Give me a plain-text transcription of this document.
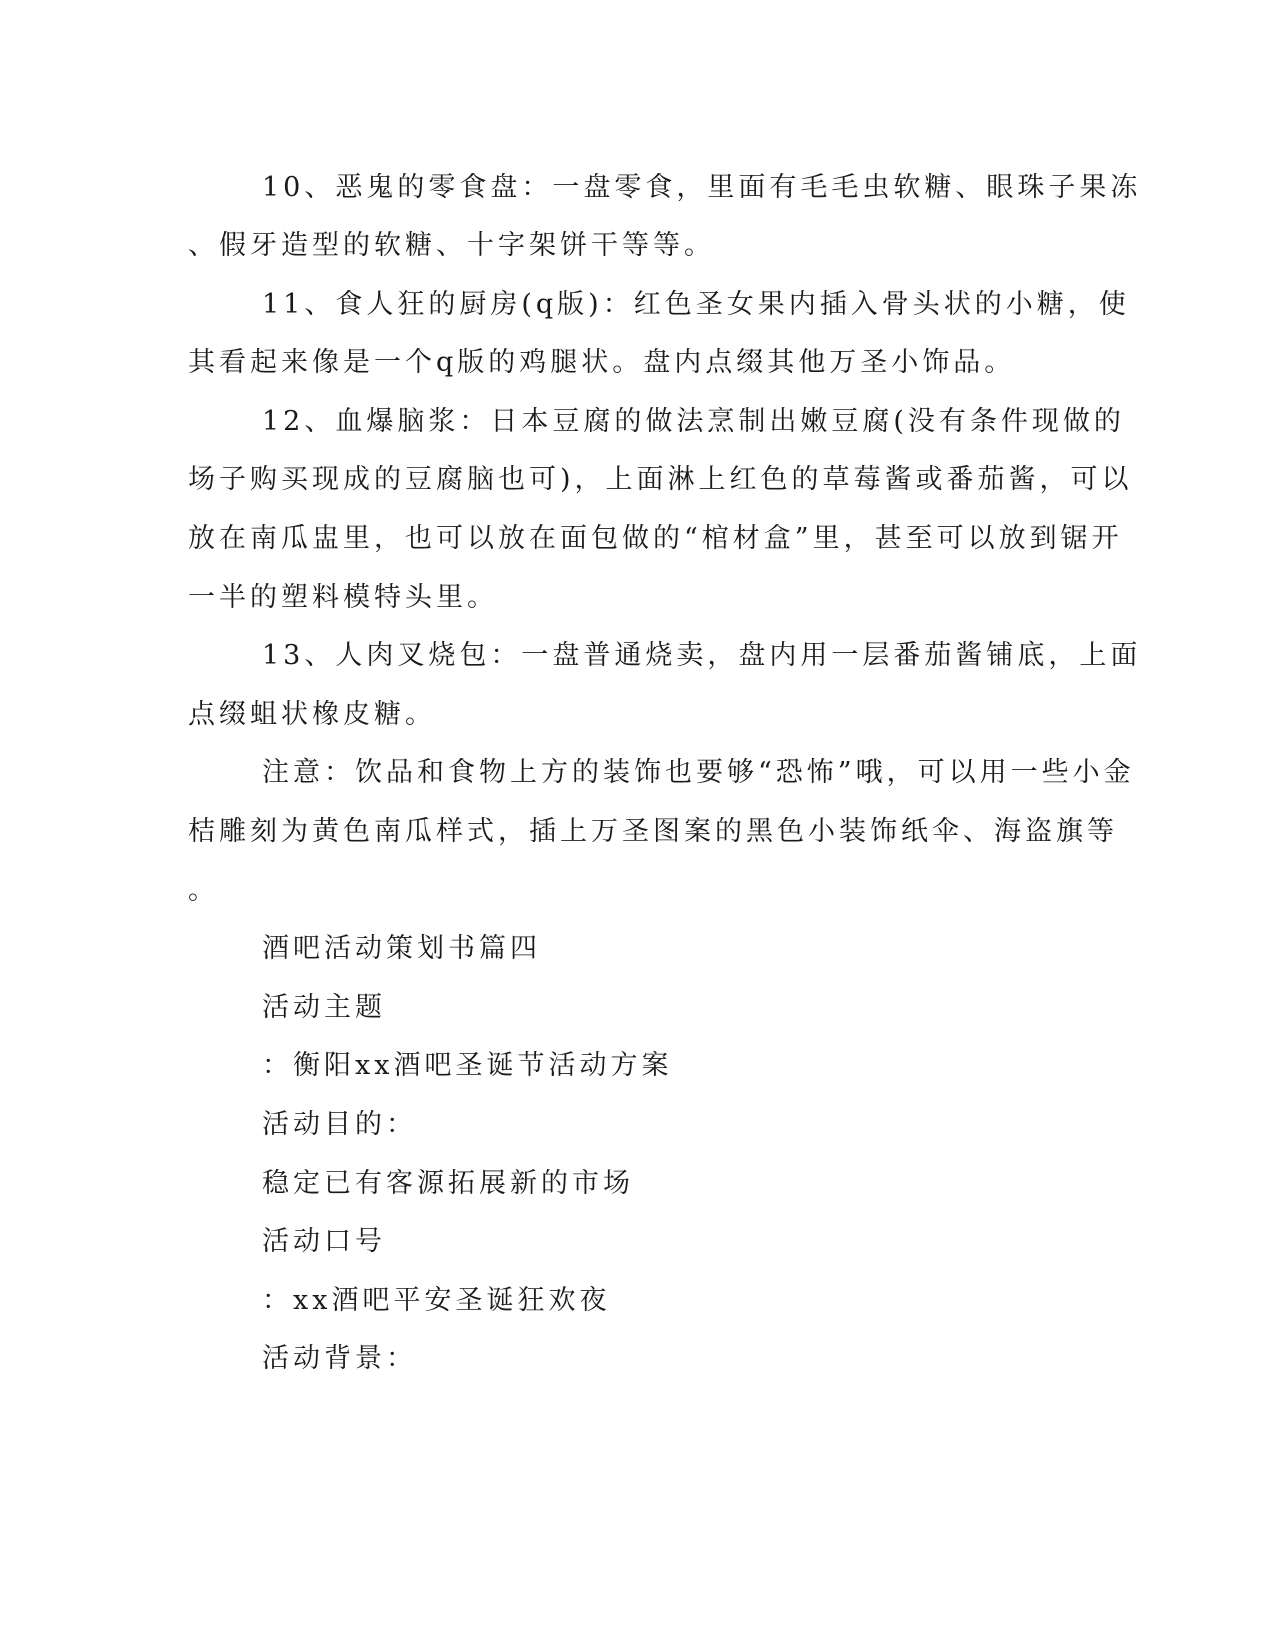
10、恶鬼的零食盘：一盘零食，里面有毛毛虫软糖、眼珠子果冻
、假牙造型的软糖、十字架饼干等等。
11、食人狂的厨房(q版)：红色圣女果内插入骨头状的小糖，使
其看起来像是一个q版的鸡腿状。盘内点缀其他万圣小饰品。
12、血爆脑浆：日本豆腐的做法烹制出嫩豆腐(没有条件现做的
场子购买现成的豆腐脑也可)，上面淋上红色的草莓酱或番茄酱，可以
放在南瓜盅里，也可以放在面包做的“棺材盒”里，甚至可以放到锯开
一半的塑料模特头里。
13、人肉叉烧包：一盘普通烧卖，盘内用一层番茄酱铺底，上面
点缀蛆状橡皮糖。
注意：饮品和食物上方的装饰也要够“恐怖”哦，可以用一些小金
桔雕刻为黄色南瓜样式，插上万圣图案的黑色小装饰纸伞、海盗旗等
。
酒吧活动策划书篇四
活动主题
：衡阳xx酒吧圣诞节活动方案
活动目的：
稳定已有客源拓展新的市场
活动口号
：xx酒吧平安圣诞狂欢夜
活动背景：
